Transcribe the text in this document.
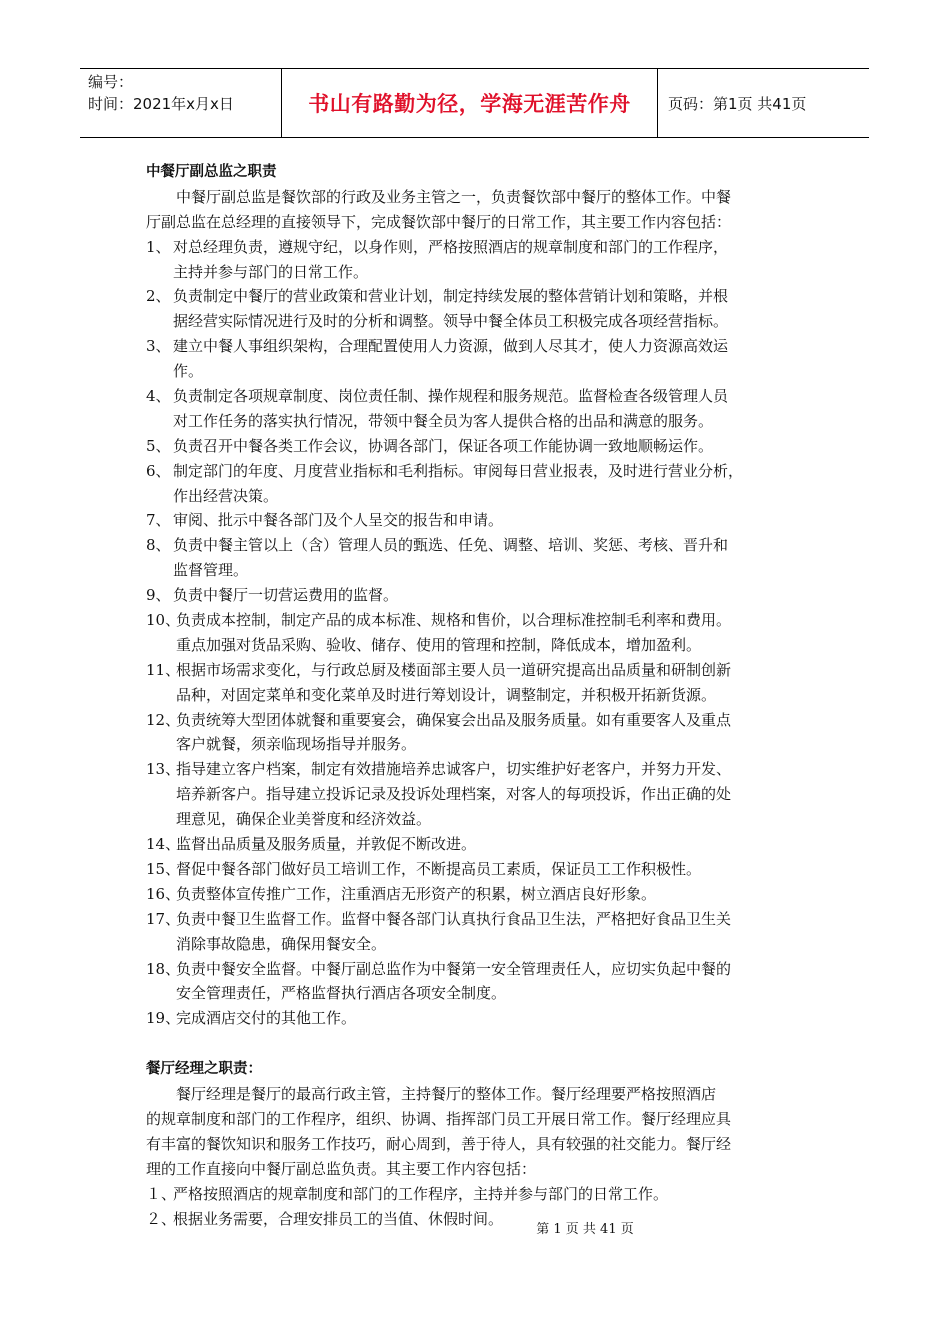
编号：
时间：2021年x月x日	书山有路勤为径，学海无涯苦作舟	页码：第1页 共41页
中餐厅副总监之职责
中餐厅副总监是餐饮部的行政及业务主管之一，负责餐饮部中餐厅的整体工作。中餐
厅副总监在总经理的直接领导下，完成餐饮部中餐厅的日常工作，其主要工作内容包括：
1、 对总经理负责，遵规守纪，以身作则，严格按照酒店的规章制度和部门的工作程序，
主持并参与部门的日常工作。
2、 负责制定中餐厅的营业政策和营业计划，制定持续发展的整体营销计划和策略，并根
据经营实际情况进行及时的分析和调整。领导中餐全体员工积极完成各项经营指标。
3、 建立中餐人事组织架构，合理配置使用人力资源，做到人尽其才，使人力资源高效运
作。
4、 负责制定各项规章制度、岗位责任制、操作规程和服务规范。监督检查各级管理人员
对工作任务的落实执行情况，带领中餐全员为客人提供合格的出品和满意的服务。
5、 负责召开中餐各类工作会议，协调各部门，保证各项工作能协调一致地顺畅运作。
6、 制定部门的年度、月度营业指标和毛利指标。审阅每日营业报表，及时进行营业分析，
作出经营决策。
7、 审阅、批示中餐各部门及个人呈交的报告和申请。
8、 负责中餐主管以上（含）管理人员的甄选、任免、调整、培训、奖惩、考核、晋升和
监督管理。
9、 负责中餐厅一切营运费用的监督。
10、负责成本控制，制定产品的成本标准、规格和售价，以合理标准控制毛利率和费用。
重点加强对货品采购、验收、储存、使用的管理和控制，降低成本，增加盈利。
11、根据市场需求变化，与行政总厨及楼面部主要人员一道研究提高出品质量和研制创新
品种，对固定菜单和变化菜单及时进行筹划设计，调整制定，并积极开拓新货源。
12、负责统筹大型团体就餐和重要宴会，确保宴会出品及服务质量。如有重要客人及重点
客户就餐，须亲临现场指导并服务。
13、指导建立客户档案，制定有效措施培养忠诚客户，切实维护好老客户，并努力开发、
培养新客户。指导建立投诉记录及投诉处理档案，对客人的每项投诉，作出正确的处
理意见，确保企业美誉度和经济效益。
14、监督出品质量及服务质量，并敦促不断改进。
15、督促中餐各部门做好员工培训工作，不断提高员工素质，保证员工工作积极性。
16、负责整体宣传推广工作，注重酒店无形资产的积累，树立酒店良好形象。
17、负责中餐卫生监督工作。监督中餐各部门认真执行食品卫生法，严格把好食品卫生关
消除事故隐患，确保用餐安全。
18、负责中餐安全监督。中餐厅副总监作为中餐第一安全管理责任人，应切实负起中餐的
安全管理责任，严格监督执行酒店各项安全制度。
19、完成酒店交付的其他工作。
餐厅经理之职责：
餐厅经理是餐厅的最高行政主管，主持餐厅的整体工作。餐厅经理要严格按照酒店
的规章制度和部门的工作程序，组织、协调、指挥部门员工开展日常工作。餐厅经理应具
有丰富的餐饮知识和服务工作技巧，耐心周到，善于待人，具有较强的社交能力。餐厅经
理的工作直接向中餐厅副总监负责。其主要工作内容包括：
１、严格按照酒店的规章制度和部门的工作程序，主持并参与部门的日常工作。
２、根据业务需要，合理安排员工的当值、休假时间。
第 1 页 共 41 页
